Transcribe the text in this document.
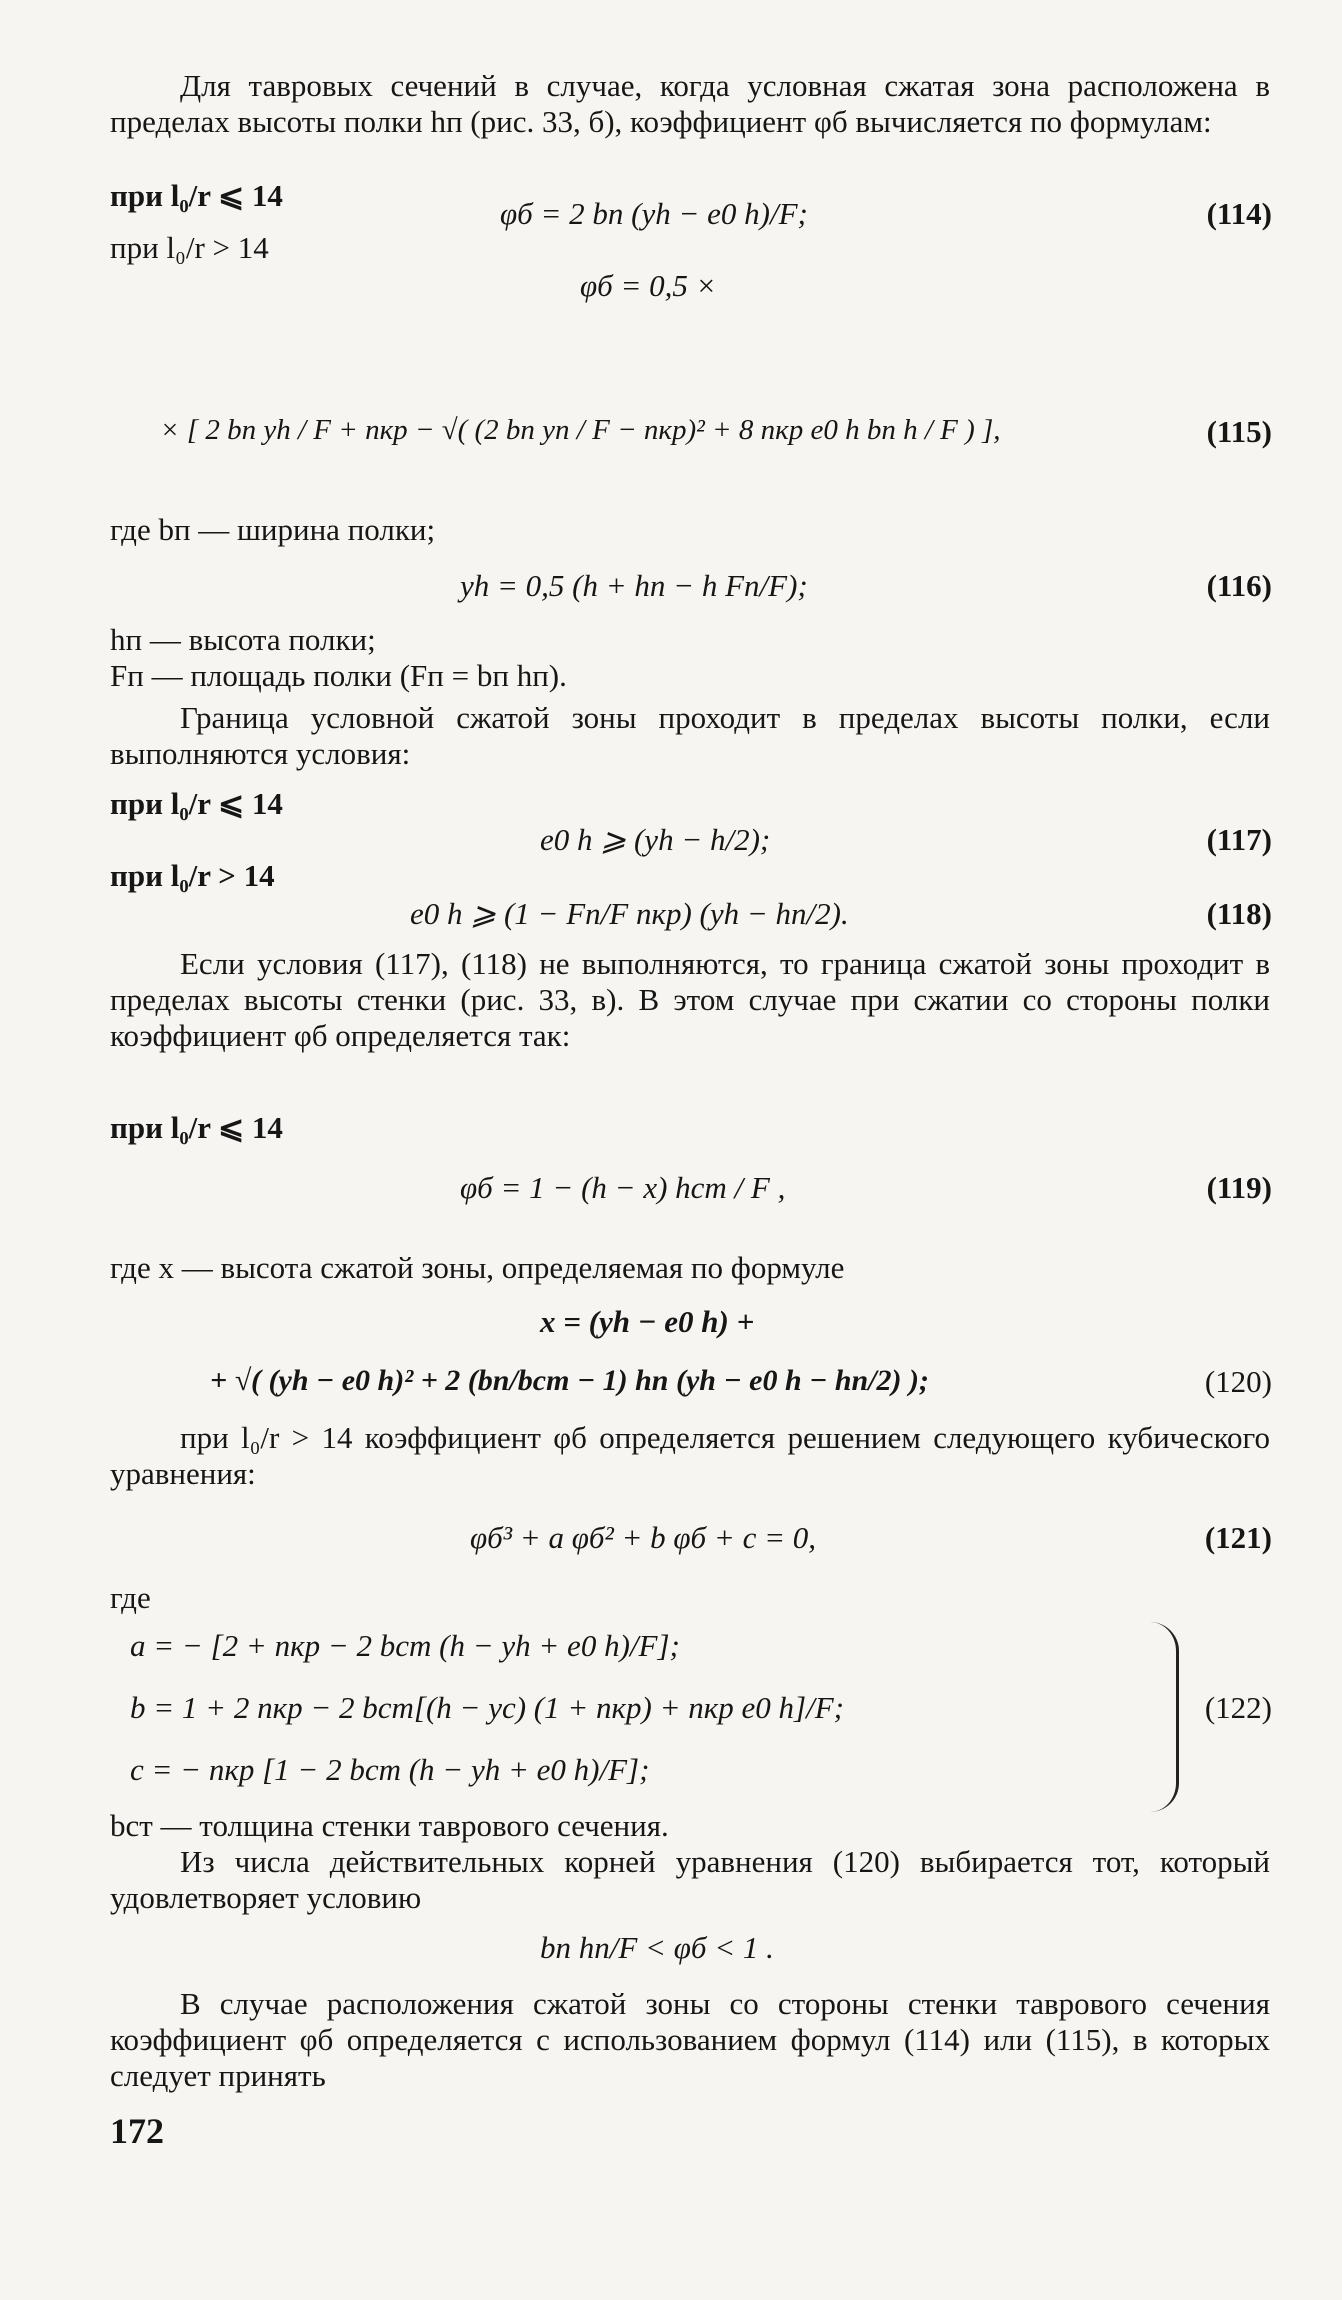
Для тавровых сечений в случае, когда условная сжатая зона расположена в пределах высоты полки hп (рис. 33, б), коэффициент φб вычисляется по формулам:

при l₀/r ⩽ 14
φб = 2 bп (yh − e0 h)/F;	(114)
при l₀/r > 14
φб = 0,5 ×
× [ 2 bп yh / F + nкр − √( (2 bп yп / F − nкр)² + 8 nкр e0 h bп h / F ) ],	(115)
где bп — ширина полки;
yh = 0,5 (h + hп − h Fп/F);	(116)
hп — высота полки;
Fп — площадь полки (Fп = bп hп).

Граница условной сжатой зоны проходит в пределах высоты полки, если выполняются условия:

при l₀/r ⩽ 14
e0 h ⩾ (yh − h/2);	(117)
при l₀/r > 14
e0 h ⩾ (1 − Fп/F nкр) (yh − hп/2).	(118)

Если условия (117), (118) не выполняются, то граница сжатой зоны проходит в пределах высоты стенки (рис. 33, в). В этом случае при сжатии со стороны полки коэффициент φб определяется так:

при l₀/r ⩽ 14
φб = 1 − (h − x) hст / F ,	(119)
где x — высота сжатой зоны, определяемая по формуле
x = (yh − e0 h) +
+ √( (yh − e0 h)² + 2 (bп/bст − 1) hп (yh − e0 h − hп/2) );	(120)

при l₀/r > 14 коэффициент φб определяется решением следующего кубического уравнения:

φб³ + a φб² + b φб + c = 0,	(121)
где
a = − [2 + nкр − 2 bст (h − yh + e0 h)/F];
b = 1 + 2 nкр − 2 bст[(h − yc) (1 + nкр) + nкр e0 h]/F;
c = − nкр [1 − 2 bст (h − yh + e0 h)/F];
(122)
bст — толщина стенки таврового сечения.

Из числа действительных корней уравнения (120) выбирается тот, который удовлетворяет условию

bп hп/F < φб < 1 .

В случае расположения сжатой зоны со стороны стенки таврового сечения коэффициент φб определяется с использованием формул (114) или (115), в которых следует принять

172
